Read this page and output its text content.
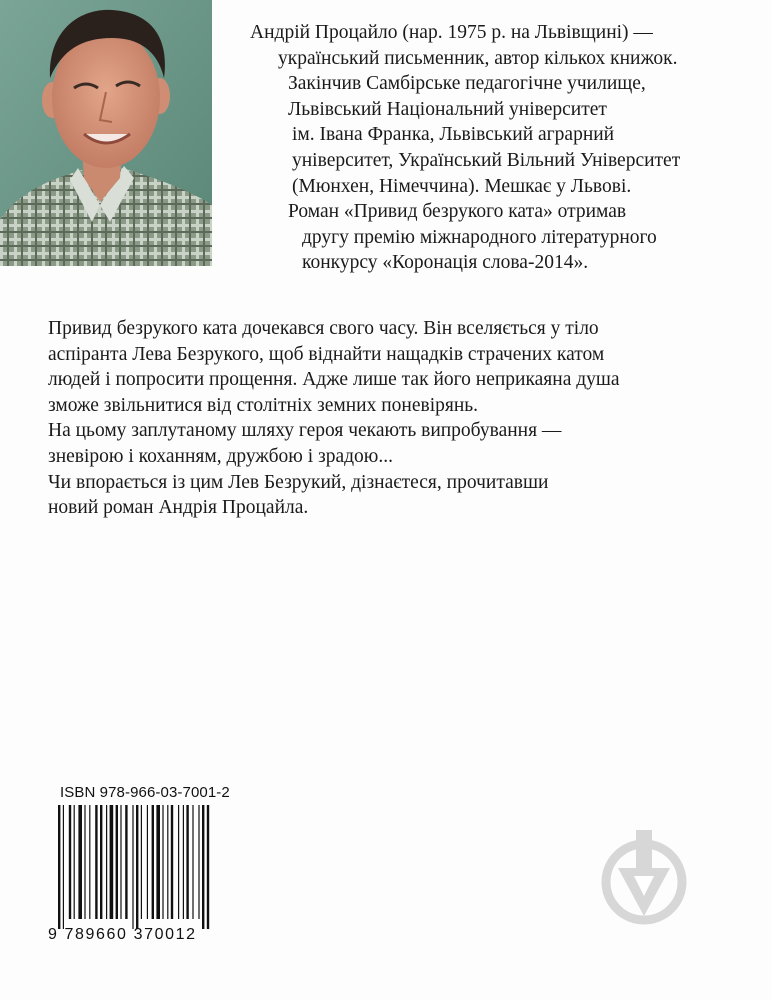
Андрій Процайло (нар. 1975 р. на Львівщині) —
український письменник, автор кількох книжок.
Закінчив Самбірське педагогічне училище,
Львівський Національний університет
ім. Івана Франка, Львівський аграрний
університет, Український Вільний Університет
(Мюнхен, Німеччина). Мешкає у Львові.
Роман «Привид безрукого ката» отримав
другу премію міжнародного літературного
конкурсу «Коронація слова-2014».
Привид безрукого ката дочекався свого часу. Він вселяється у тіло
аспіранта Лева Безрукого, щоб віднайти нащадків страчених катом
людей і попросити прощення. Адже лише так його неприкаяна душа
зможе звільнитися від столітніх земних поневірянь.
На цьому заплутаному шляху героя чекають випробування —
зневірою і коханням, дружбою і зрадою...
Чи впорається із цим Лев Безрукий, дізнаєтеся, прочитавши
новий роман Андрія Процайла.
ISBN 978-966-03-7001-2
9 789660 370012
